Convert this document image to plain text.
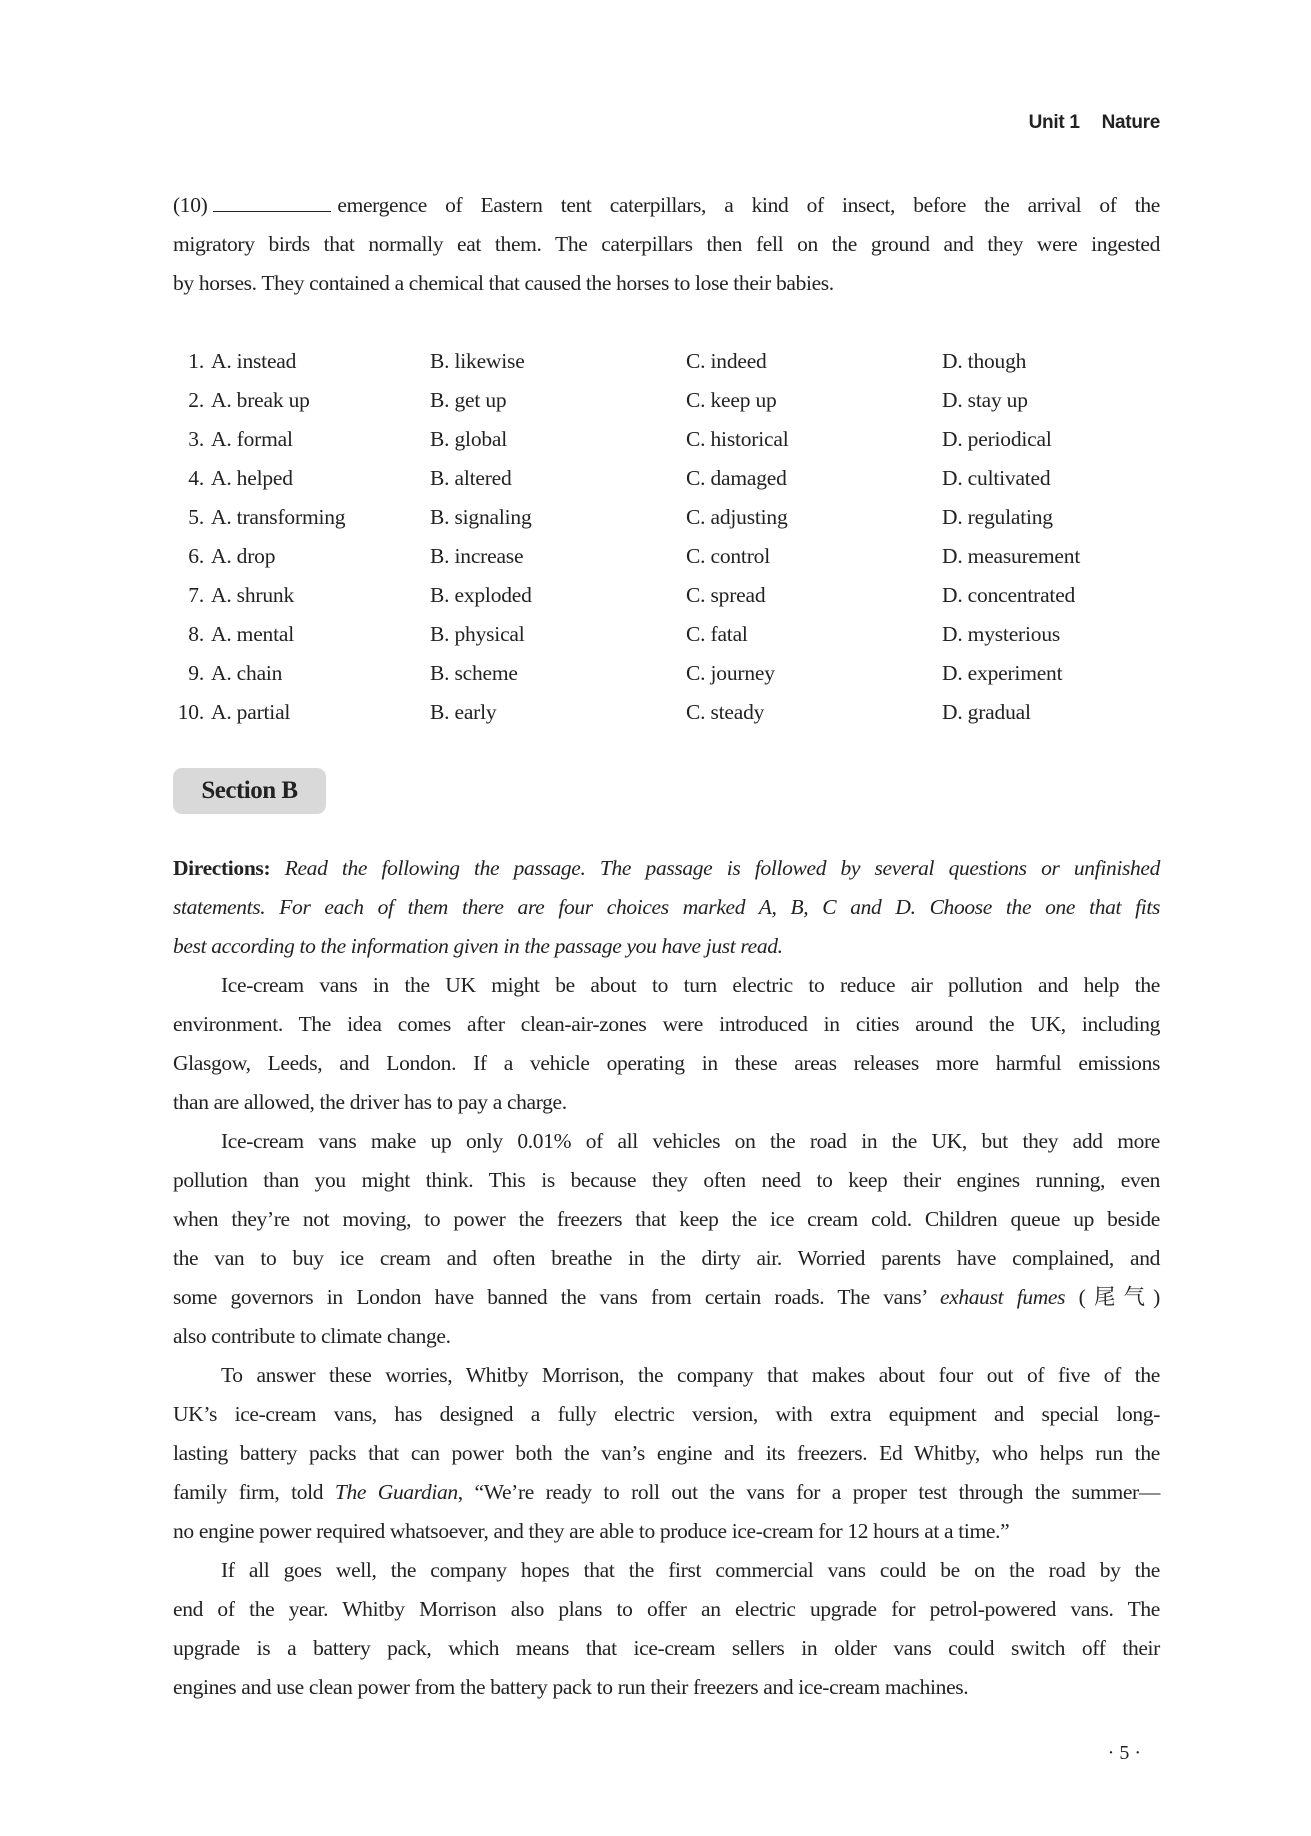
Unit 1 Nature
(10)	emergence of Eastern tent caterpillars, a kind of insect, before the arrival of the
migratory birds that normally eat them. The caterpillars then fell on the ground and they were ingested
by horses. They contained a chemical that caused the horses to lose their babies.
1. A. instead	B. likewise	C. indeed	D. though
2. A. break up	B. get up	C. keep up	D. stay up
3. A. formal	B. global	C. historical	D. periodical
4. A. helped	B. altered	C. damaged	D. cultivated
5. A. transforming	B. signaling	C. adjusting	D. regulating
6. A. drop	B. increase	C. control	D. measurement
7. A. shrunk	B. exploded	C. spread	D. concentrated
8. A. mental	B. physical	C. fatal	D. mysterious
9. A. chain	B. scheme	C. journey	D. experiment
10. A. partial	B. early	C. steady	D. gradual
Section B
Directions: Read the following the passage. The passage is followed by several questions or unfinished
statements. For each of them there are four choices marked A, B, C and D. Choose the one that fits
best according to the information given in the passage you have just read.
Ice-cream vans in the UK might be about to turn electric to reduce air pollution and help the
environment. The idea comes after clean-air-zones were introduced in cities around the UK, including
Glasgow, Leeds, and London. If a vehicle operating in these areas releases more harmful emissions
than are allowed, the driver has to pay a charge.
Ice-cream vans make up only 0.01% of all vehicles on the road in the UK, but they add more
pollution than you might think. This is because they often need to keep their engines running, even
when they’re not moving, to power the freezers that keep the ice cream cold. Children queue up beside
the van to buy ice cream and often breathe in the dirty air. Worried parents have complained, and
some governors in London have banned the vans from certain roads. The vans’ exhaust fumes (尾气)
also contribute to climate change.
To answer these worries, Whitby Morrison, the company that makes about four out of five of the
UK’s ice-cream vans, has designed a fully electric version, with extra equipment and special long-
lasting battery packs that can power both the van’s engine and its freezers. Ed Whitby, who helps run the
family firm, told The Guardian, “We’re ready to roll out the vans for a proper test through the summer—
no engine power required whatsoever, and they are able to produce ice-cream for 12 hours at a time.”
If all goes well, the company hopes that the first commercial vans could be on the road by the
end of the year. Whitby Morrison also plans to offer an electric upgrade for petrol-powered vans. The
upgrade is a battery pack, which means that ice-cream sellers in older vans could switch off their
engines and use clean power from the battery pack to run their freezers and ice-cream machines.
· 5 ·
